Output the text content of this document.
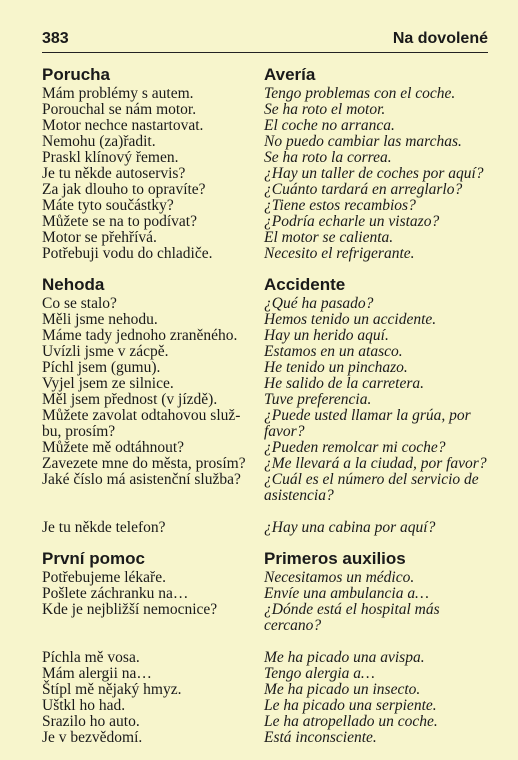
383	Na dovolené
Porucha	Avería
Mám problémy s autem.	Tengo problemas con el coche.
Porouchal se nám motor.	Se ha roto el motor.
Motor nechce nastartovat.	El coche no arranca.
Nemohu (za)řadit.	No puedo cambiar las marchas.
Praskl klínový řemen.	Se ha roto la correa.
Je tu někde autoservis?	¿Hay un taller de coches por aquí?
Za jak dlouho to opravíte?	¿Cuánto tardará en arreglarlo?
Máte tyto součástky?	¿Tiene estos recambios?
Můžete se na to podívat?	¿Podría echarle un vistazo?
Motor se přehřívá.	El motor se calienta.
Potřebuji vodu do chladiče.	Necesito el refrigerante.
Nehoda	Accidente
Co se stalo?	¿Qué ha pasado?
Měli jsme nehodu.	Hemos tenido un accidente.
Máme tady jednoho zraněného.	Hay un herido aquí.
Uvízli jsme v zácpě.	Estamos en un atasco.
Píchl jsem (gumu).	He tenido un pinchazo.
Vyjel jsem ze silnice.	He salido de la carretera.
Měl jsem přednost (v jízdě).	Tuve preferencia.
Můžete zavolat odtahovou služ-	¿Puede usted llamar la grúa, por
bu, prosím?	favor?
Můžete mě odtáhnout?	¿Pueden remolcar mi coche?
Zavezete mne do města, prosím?	¿Me llevará a la ciudad, por favor?
Jaké číslo má asistenční služba?	¿Cuál es el número del servicio de
asistencia?
Je tu někde telefon?	¿Hay una cabina por aquí?
První pomoc	Primeros auxilios
Potřebujeme lékaře.	Necesitamos un médico.
Pošlete záchranku na…	Envíe una ambulancia a…
Kde je nejbližší nemocnice?	¿Dónde está el hospital más
cercano?
Píchla mě vosa.	Me ha picado una avispa.
Mám alergii na…	Tengo alergia a…
Štípl mě nějaký hmyz.	Me ha picado un insecto.
Uštkl ho had.	Le ha picado una serpiente.
Srazilo ho auto.	Le ha atropellado un coche.
Je v bezvědomí.	Está inconsciente.
